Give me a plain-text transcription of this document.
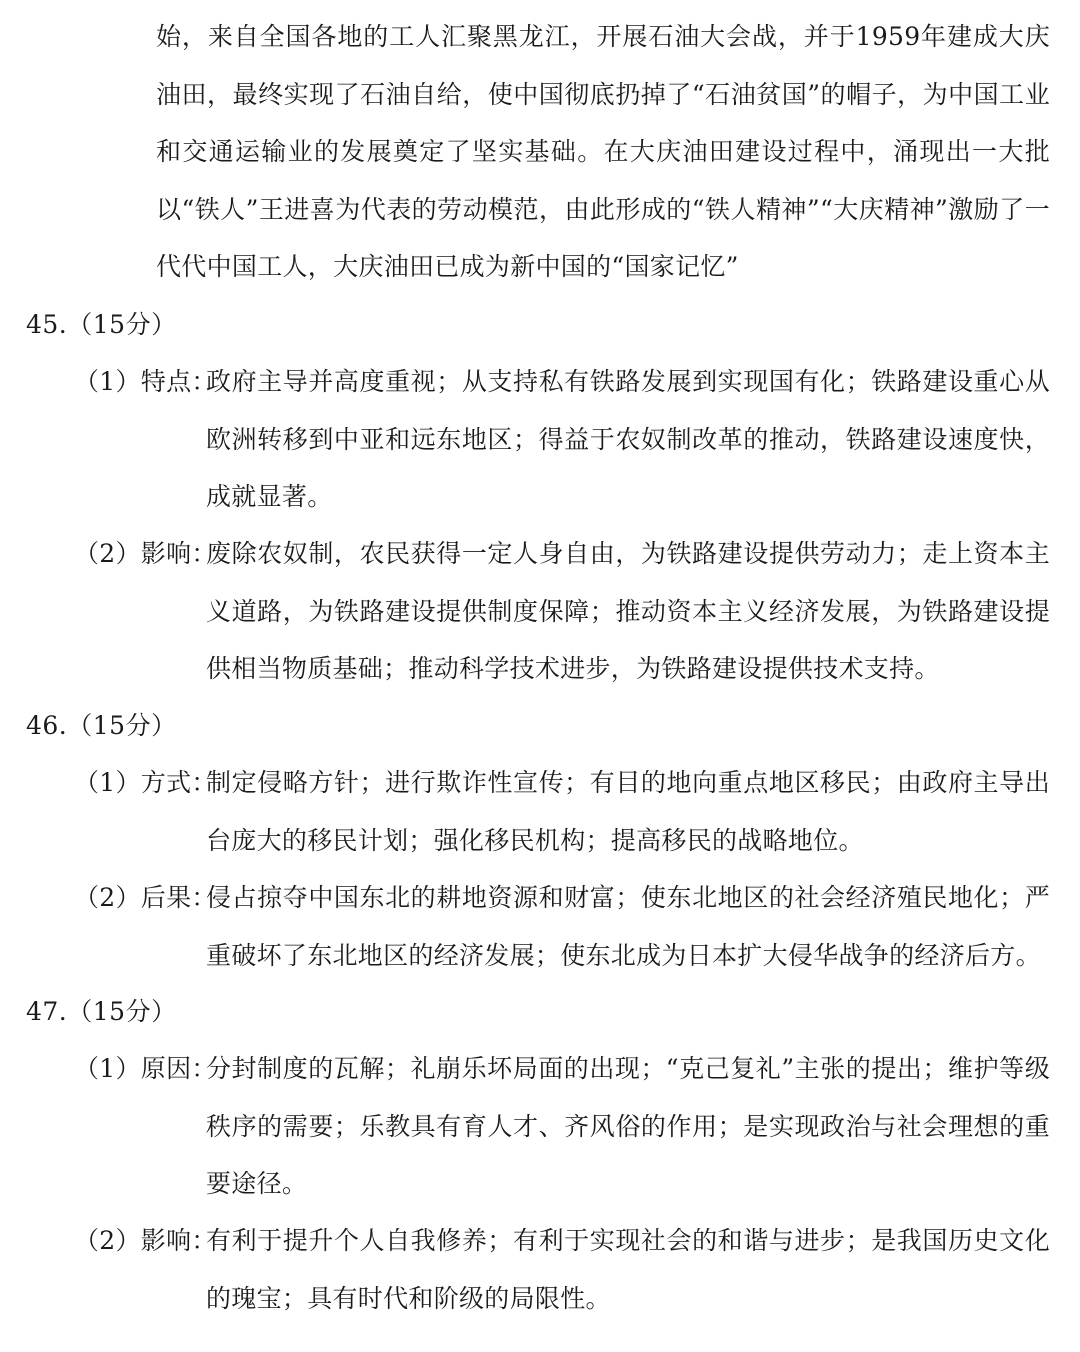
始，来自全国各地的工人汇聚黑龙江，开展石油大会战，并于1959年建成大庆油田，最终实现了石油自给，使中国彻底扔掉了“石油贫国”的帽子，为中国工业和交通运输业的发展奠定了坚实基础。在大庆油田建设过程中，涌现出一大批以“铁人”王进喜为代表的劳动模范，由此形成的“铁人精神”“大庆精神”激励了一代代中国工人，大庆油田已成为新中国的“国家记忆”
45.（15分）
（1）特点：
政府主导并高度重视；从支持私有铁路发展到实现国有化；铁路建设重心从欧洲转移到中亚和远东地区；得益于农奴制改革的推动，铁路建设速度快，成就显著。
（2）影响：
废除农奴制，农民获得一定人身自由，为铁路建设提供劳动力；走上资本主义道路，为铁路建设提供制度保障；推动资本主义经济发展，为铁路建设提供相当物质基础；推动科学技术进步，为铁路建设提供技术支持。
46.（15分）
（1）方式：
制定侵略方针；进行欺诈性宣传；有目的地向重点地区移民；由政府主导出台庞大的移民计划；强化移民机构；提高移民的战略地位。
（2）后果：
侵占掠夺中国东北的耕地资源和财富；使东北地区的社会经济殖民地化；严重破坏了东北地区的经济发展；使东北成为日本扩大侵华战争的经济后方。
47.（15分）
（1）原因：
分封制度的瓦解；礼崩乐坏局面的出现；“克己复礼”主张的提出；维护等级秩序的需要；乐教具有育人才、齐风俗的作用；是实现政治与社会理想的重要途径。
（2）影响：
有利于提升个人自我修养；有利于实现社会的和谐与进步；是我国历史文化的瑰宝；具有时代和阶级的局限性。
